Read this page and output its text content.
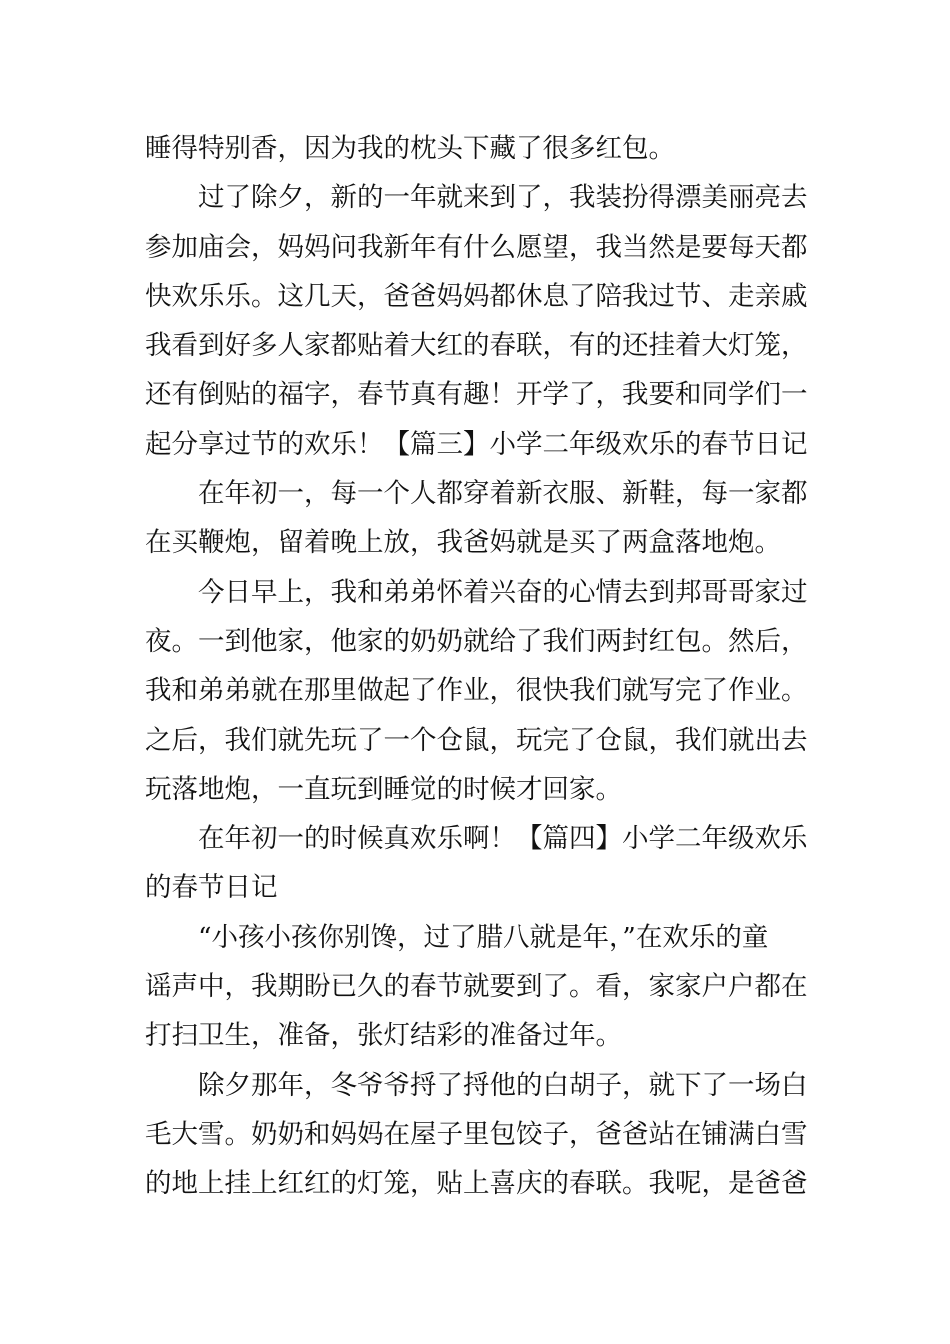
睡得特别香，因为我的枕头下藏了很多红包。
过了除夕，新的一年就来到了，我装扮得漂美丽亮去
参加庙会，妈妈问我新年有什么愿望，我当然是要每天都
快欢乐乐。这几天，爸爸妈妈都休息了陪我过节、走亲戚
我看到好多人家都贴着大红的春联，有的还挂着大灯笼，
还有倒贴的福字，春节真有趣！开学了，我要和同学们一
起分享过节的欢乐！【篇三】小学二年级欢乐的春节日记
在年初一，每一个人都穿着新衣服、新鞋，每一家都
在买鞭炮，留着晚上放，我爸妈就是买了两盒落地炮。
今日早上，我和弟弟怀着兴奋的心情去到邦哥哥家过
夜。一到他家，他家的奶奶就给了我们两封红包。然后，
我和弟弟就在那里做起了作业，很快我们就写完了作业。
之后，我们就先玩了一个仓鼠，玩完了仓鼠，我们就出去
玩落地炮，一直玩到睡觉的时候才回家。
在年初一的时候真欢乐啊！【篇四】小学二年级欢乐
的春节日记
“小孩小孩你别馋，过了腊八就是年，”在欢乐的童
谣声中，我期盼已久的春节就要到了。看，家家户户都在
打扫卫生，准备，张灯结彩的准备过年。
除夕那年，冬爷爷捋了捋他的白胡子，就下了一场白
毛大雪。奶奶和妈妈在屋子里包饺子，爸爸站在铺满白雪
的地上挂上红红的灯笼，贴上喜庆的春联。我呢，是爸爸
